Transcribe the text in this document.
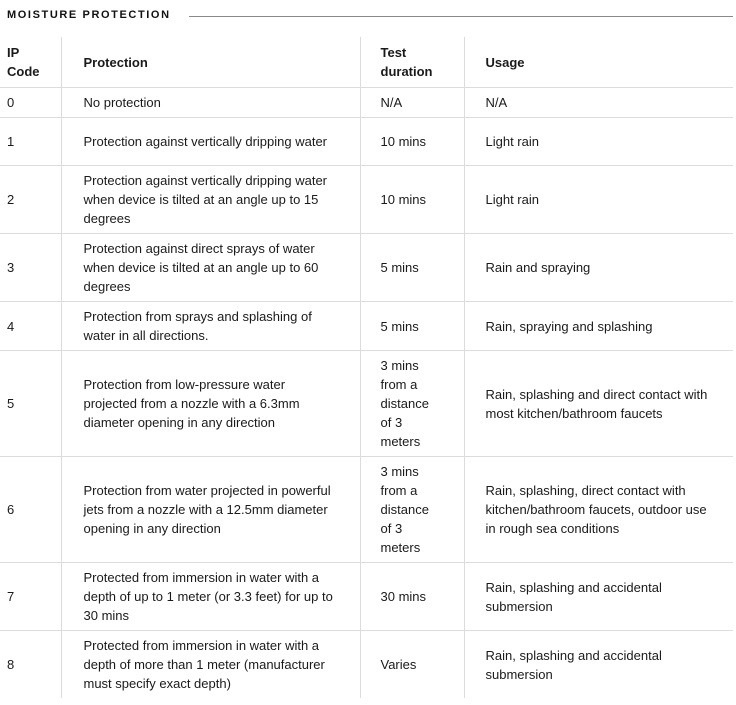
MOISTURE PROTECTION
IP Code	Protection	Test duration	Usage

0	No protection	N/A	N/A

1	Protection against vertically dripping water	10 mins	Light rain

2	Protection against vertically dripping water when device is tilted at an angle up to 15 degrees	10 mins	Light rain

3	Protection against direct sprays of water when device is tilted at an angle up to 60 degrees	5 mins	Rain and spraying

4	Protection from sprays and splashing of water in all directions.	5 mins	Rain, spraying and splashing

5	Protection from low-pressure water projected from a nozzle with a 6.3mm diameter opening in any direction	3 mins from a distance of 3 meters	Rain, splashing and direct contact with most kitchen/bathroom faucets

6	Protection from water projected in powerful jets from a nozzle with a 12.5mm diameter opening in any direction	3 mins from a distance of 3 meters	Rain, splashing, direct contact with kitchen/bathroom faucets, outdoor use in rough sea conditions

7	Protected from immersion in water with a depth of up to 1 meter (or 3.3 feet) for up to 30 mins	30 mins	Rain, splashing and accidental submersion

8	Protected from immersion in water with a depth of more than 1 meter (manufacturer must specify exact depth)	Varies	Rain, splashing and accidental submersion
